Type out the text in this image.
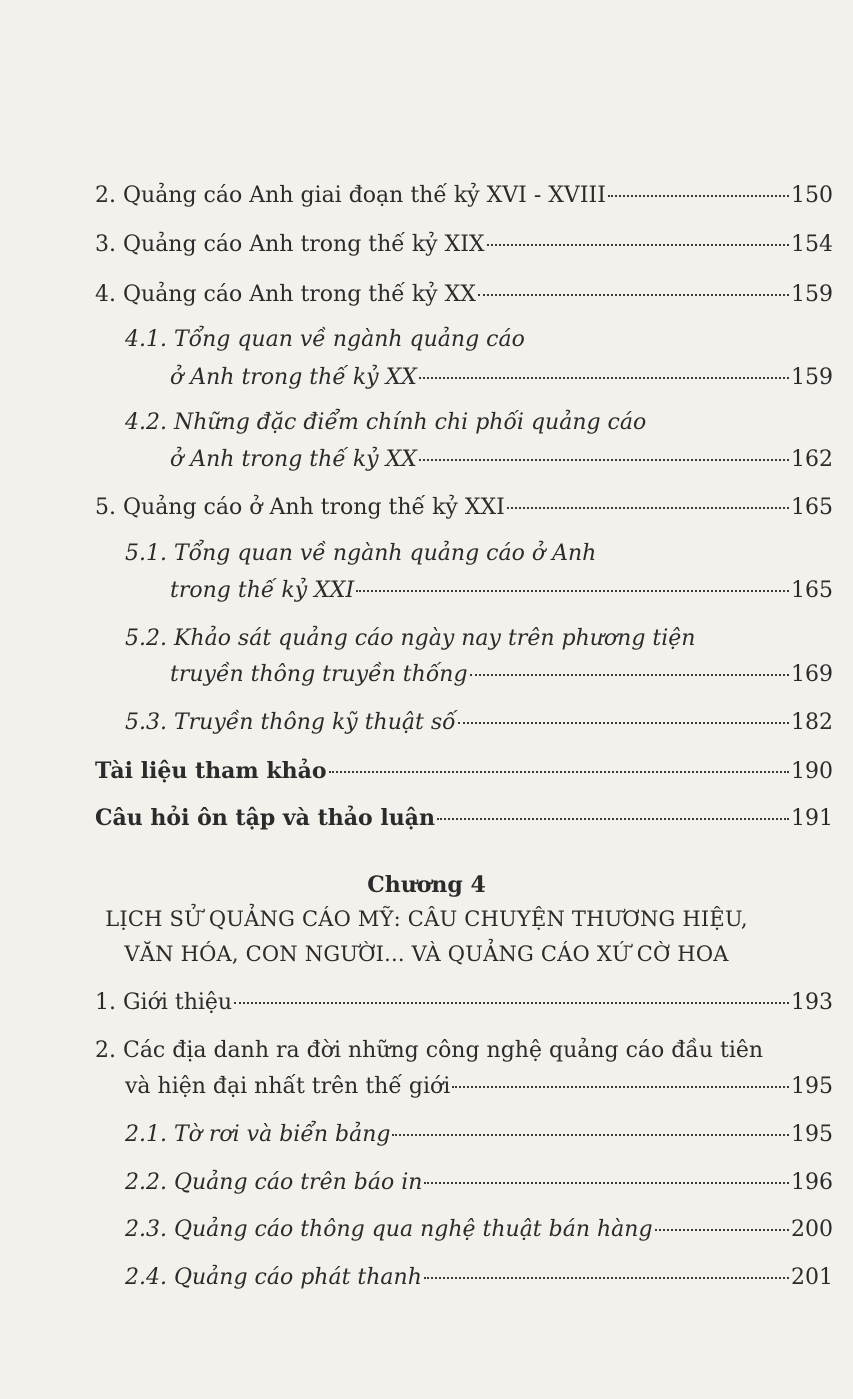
2. Quảng cáo Anh giai đoạn thế kỷ XVI - XVIII	150
3. Quảng cáo Anh trong thế kỷ XIX	154
4. Quảng cáo Anh trong thế kỷ XX	159
4.1. Tổng quan về ngành quảng cáo
ở Anh trong thế kỷ XX	159
4.2. Những đặc điểm chính chi phối quảng cáo
ở Anh trong thế kỷ XX	162
5. Quảng cáo ở Anh trong thế kỷ XXI	165
5.1. Tổng quan về ngành quảng cáo ở Anh
trong thế kỷ XXI	165
5.2. Khảo sát quảng cáo ngày nay trên phương tiện
truyền thông truyền thống	169
5.3. Truyền thông kỹ thuật số	182
Tài liệu tham khảo	190
Câu hỏi ôn tập và thảo luận	191
Chương 4
LỊCH SỬ QUẢNG CÁO MỸ: CÂU CHUYỆN THƯƠNG HIỆU,
VĂN HÓA, CON NGƯỜI... VÀ QUẢNG CÁO XỨ CỜ HOA
1. Giới thiệu	193
2. Các địa danh ra đời những công nghệ quảng cáo đầu tiên
và hiện đại nhất trên thế giới	195
2.1. Tờ rơi và biển bảng	195
2.2. Quảng cáo trên báo in	196
2.3. Quảng cáo thông qua nghệ thuật bán hàng	200
2.4. Quảng cáo phát thanh	201
